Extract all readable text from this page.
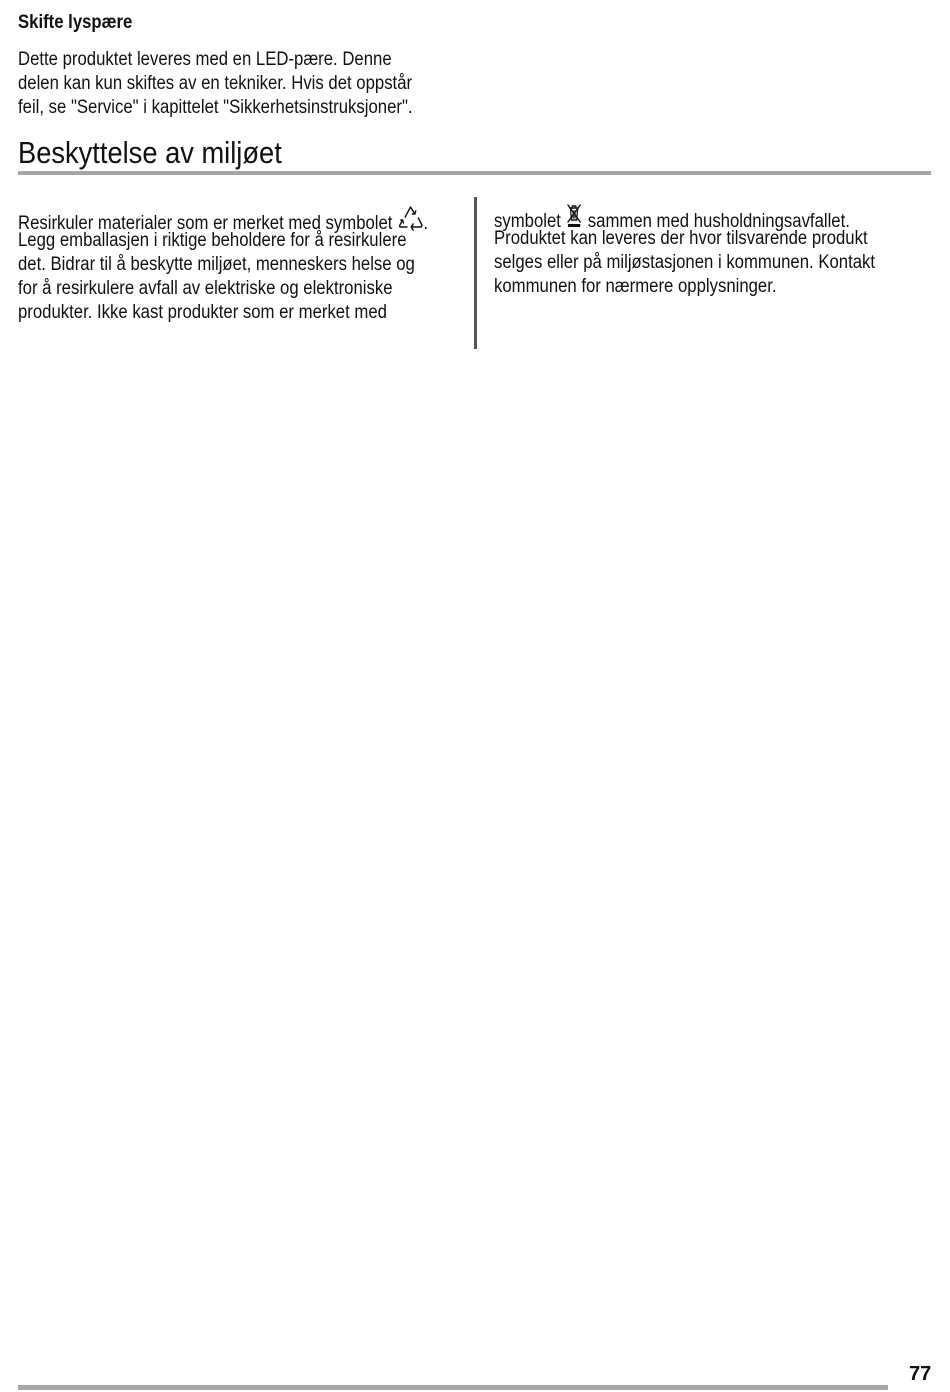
Skifte lyspære
Dette produktet leveres med en LED-pære. Denne
delen kan kun skiftes av en tekniker. Hvis det oppstår
feil, se "Service" i kapittelet "Sikkerhetsinstruksjoner".
Beskyttelse av miljøet
Resirkuler materialer som er merket med symbolet .
Legg emballasjen i riktige beholdere for å resirkulere
det. Bidrar til å beskytte miljøet, menneskers helse og
for å resirkulere avfall av elektriske og elektroniske
produkter. Ikke kast produkter som er merket med
symbolet  sammen med husholdningsavfallet.
Produktet kan leveres der hvor tilsvarende produkt
selges eller på miljøstasjonen i kommunen. Kontakt
kommunen for nærmere opplysninger.
77
